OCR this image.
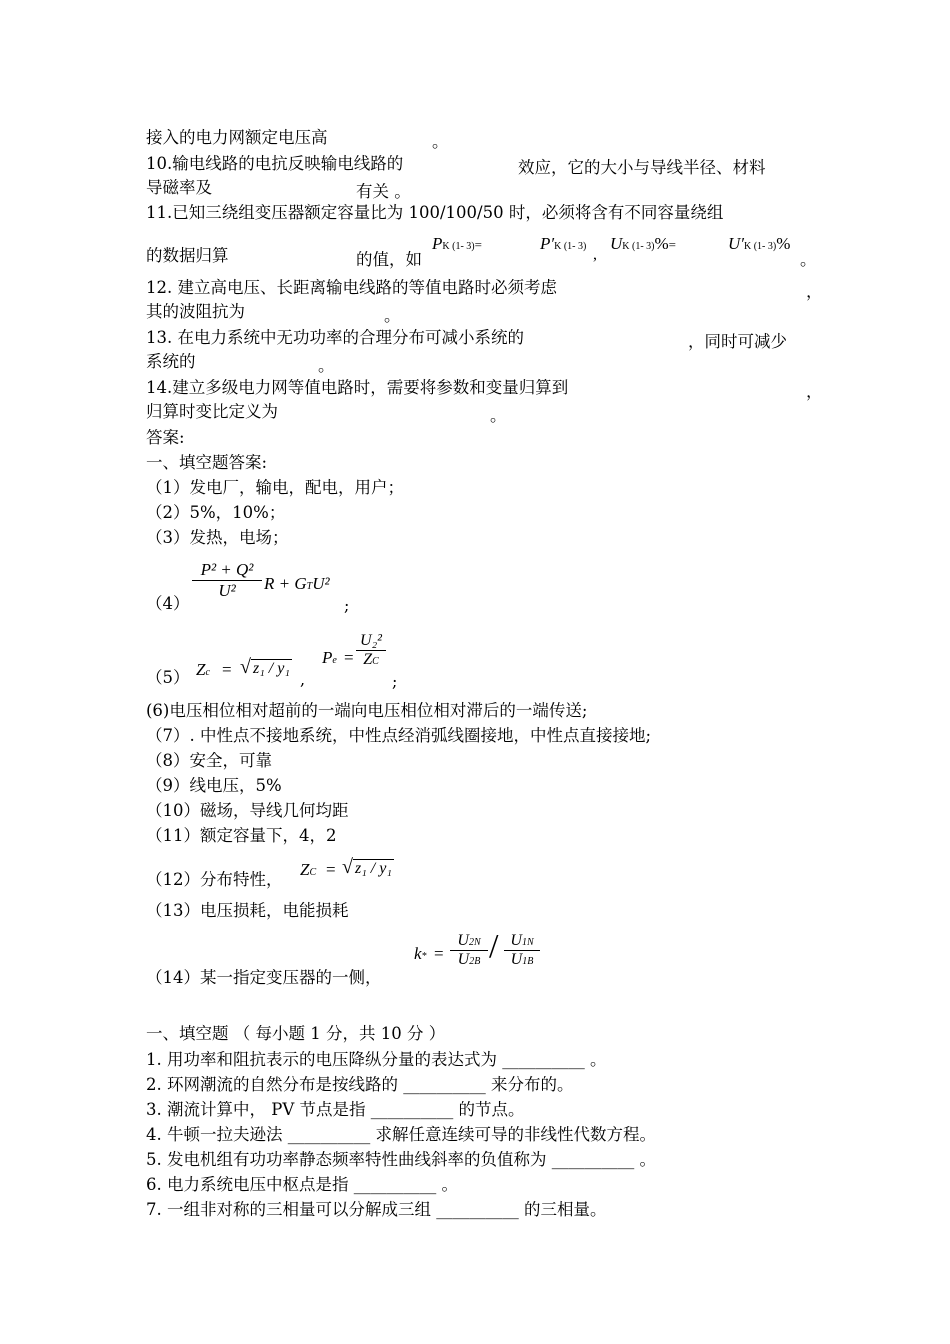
接入的电力网额定电压高	。
10.输电线路的电抗反映输电线路的	效应，它的大小与导线半径、材料
导磁率及	有关 。
11.已知三绕组变压器额定容量比为 100/100/50 时，必须将含有不同容量绕组
的数据归算	的值，如
PK (1- 3)=	P′K (1- 3) ,
UK (1- 3)%=	U′K (1- 3)%
。
12. 建立高电压、长距离输电线路的等值电路时必须考虑	，
其的波阻抗为	。
13. 在电力系统中无功功率的合理分布可减小系统的	，同时可减少
系统的	。
14.建立多级电力网等值电路时，需要将参数和变量归算到	，
归算时变比定义为	。
答案:
一、填空题答案:
（1）发电厂，输电，配电，用户；
（2）5%，10%；
（3）发热，电场；
（4）
P² + Q²
U²	R + GTU²
;
（5） Zc = √ z₁ / y₁
,
Pe =
U₂²
ZC
;
(6)电压相位相对超前的一端向电压相位相对滞后的一端传送;
（7）. 中性点不接地系统，中性点经消弧线圈接地，中性点直接接地;
（8）安全，可靠
（9）线电压，5%
（10）磁场，导线几何均距
（11）额定容量下，4，2
（12）分布特性，
ZC = √ z₁ / y₁
（13）电压损耗，电能损耗
（14）某一指定变压器的一侧，
k* =
U2N
U2B / U1N
U1B
一、填空题 （ 每小题 1 分，共 10 分 ）
1. 用功率和阻抗表示的电压降纵分量的表达式为 __________ 。
2. 环网潮流的自然分布是按线路的 __________ 来分布的。
3. 潮流计算中， PV 节点是指 __________ 的节点。
4. 牛顿一拉夫逊法 __________ 求解任意连续可导的非线性代数方程。
5. 发电机组有功功率静态频率特性曲线斜率的负值称为 __________ 。
6. 电力系统电压中枢点是指 __________ 。
7. 一组非对称的三相量可以分解成三组 __________ 的三相量。
